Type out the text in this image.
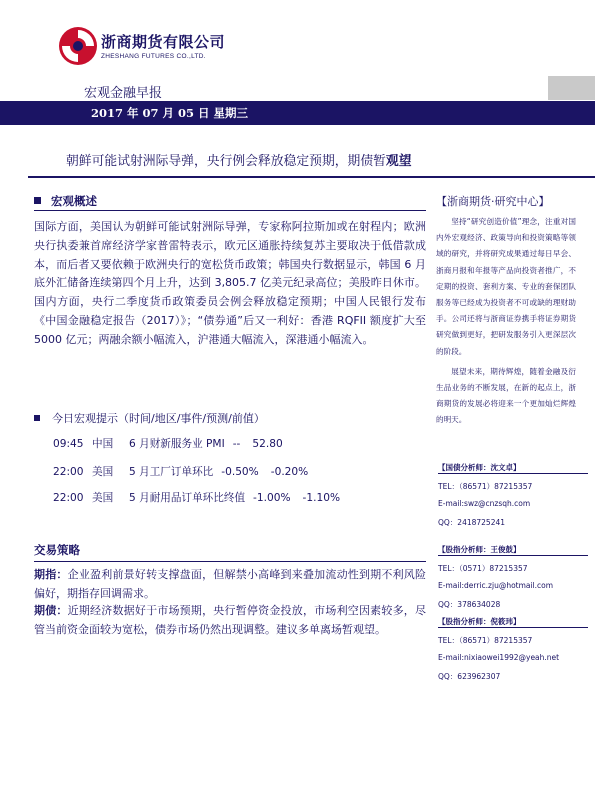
浙商期货有限公司
ZHESHANG FUTURES CO.,LTD.
宏观金融早报
2017 年 07 月 05 日 星期三
朝鲜可能试射洲际导弹，央行例会释放稳定预期，期债暂观望
宏观概述
国际方面，美国认为朝鲜可能试射洲际导弹，专家称阿拉斯加或在射程内；欧洲央行执委兼首席经济学家普雷特表示，欧元区通胀持续复苏主要取决于低借款成本，而后者又要依赖于欧洲央行的宽松货币政策；韩国央行数据显示，韩国 6 月底外汇储备连续第四个月上升，达到 3,805.7 亿美元纪录高位；美股昨日休市。国内方面，央行二季度货币政策委员会例会释放稳定预期；中国人民银行发布《中国金融稳定报告（2017）》；“债券通”后又一利好：香港 RQFII 额度扩大至 5000 亿元；两融余额小幅流入，沪港通大幅流入，深港通小幅流入。
今日宏观提示（时间/地区/事件/预测/前值）
09:45 中国 6 月财新服务业 PMI -- 52.80
22:00 美国 5 月工厂订单环比 -0.50% -0.20%
22:00 美国 5 月耐用品订单环比终值 -1.00% -1.10%
交易策略
期指：企业盈利前景好转支撑盘面，但解禁小高峰到来叠加流动性到期不利风险偏好，期指存回调需求。
期债：近期经济数据好于市场预期，央行暂停资金投放，市场利空因素较多，尽管当前资金面较为宽松，债券市场仍然出现调整。建议多单离场暂观望。
【浙商期货·研究中心】

坚持“研究创造价值”理念，注重对国内外宏观经济、政策导向和投资策略等领域的研究，并将研究成果通过每日早会、浙商月报和年报等产品向投资者推广，不定期的投资、套利方案、专业的套保团队服务等已经成为投资者不可或缺的理财助手。公司还将与浙商证券携手将证券期货研究做到更好，把研发服务引入更深层次的阶段。

展望未来，期待辉煌，随着金融及衍生品业务的不断发展，在新的起点上，浙商期货的发展必将迎来一个更加灿烂辉煌的明天。

【国债分析师：沈文卓】
TEL：（86571）87215357
E-mail:swz@cnzsqh.com
QQ：2418725241
【股指分析师：王俊鼓】
TEL：（0571）87215357
E-mail:derric.zju@hotmail.com
QQ：378634028
【股指分析师：倪筱玮】
TEL：（86571）87215357
E-mail:nixiaowei1992@yeah.net
QQ：623962307
